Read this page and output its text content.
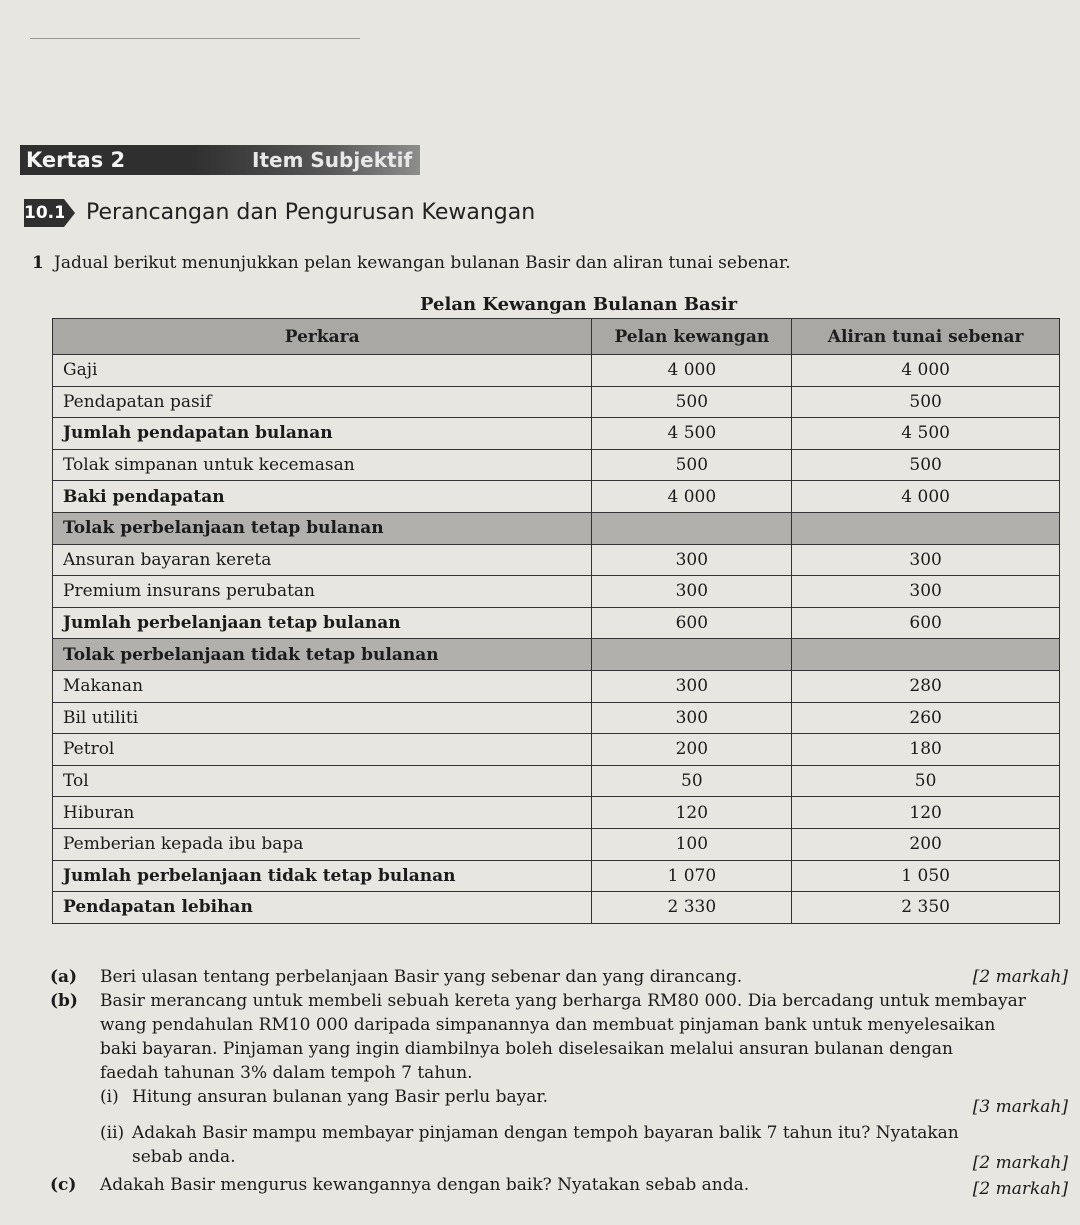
Kertas 2	Item Subjektif
10.1 Perancangan dan Pengurusan Kewangan
1 Jadual berikut menunjukkan pelan kewangan bulanan Basir dan aliran tunai sebenar.
Pelan Kewangan Bulanan Basir
Perkara	Pelan kewangan	Aliran tunai sebenar
Gaji	4 000	4 000
Pendapatan pasif	500	500
Jumlah pendapatan bulanan	4 500	4 500
Tolak simpanan untuk kecemasan	500	500
Baki pendapatan	4 000	4 000
Tolak perbelanjaan tetap bulanan		
Ansuran bayaran kereta	300	300
Premium insurans perubatan	300	300
Jumlah perbelanjaan tetap bulanan	600	600
Tolak perbelanjaan tidak tetap bulanan		
Makanan	300	280
Bil utiliti	300	260
Petrol	200	180
Tol	50	50
Hiburan	120	120
Pemberian kepada ibu bapa	100	200
Jumlah perbelanjaan tidak tetap bulanan	1 070	1 050
Pendapatan lebihan	2 330	2 350
(a) Beri ulasan tentang perbelanjaan Basir yang sebenar dan yang dirancang.	[2 markah]
(b) Basir merancang untuk membeli sebuah kereta yang berharga RM80 000. Dia bercadang untuk membayar
wang pendahulan RM10 000 daripada simpanannya dan membuat pinjaman bank untuk menyelesaikan
baki bayaran. Pinjaman yang ingin diambilnya boleh diselesaikan melalui ansuran bulanan dengan
faedah tahunan 3% dalam tempoh 7 tahun.
(i) Hitung ansuran bulanan yang Basir perlu bayar.	[3 markah]
(ii) Adakah Basir mampu membayar pinjaman dengan tempoh bayaran balik 7 tahun itu? Nyatakan
sebab anda.	[2 markah]
(c) Adakah Basir mengurus kewangannya dengan baik? Nyatakan sebab anda.	[2 markah]
